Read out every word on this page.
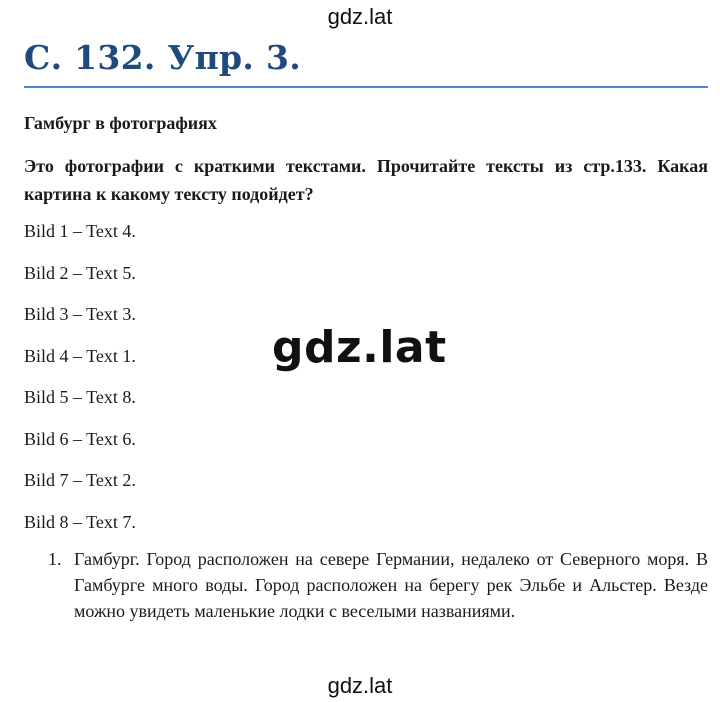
gdz.lat
С. 132. Упр. 3.
Гамбург в фотографиях
Это фотографии с краткими текстами. Прочитайте тексты из стр.133. Какая картина к какому тексту подойдет?
Bild 1 – Text 4.
Bild 2 – Text 5.
Bild 3 – Text 3.
Bild 4 – Text 1.
Bild 5 – Text 8.
Bild 6 – Text 6.
Bild 7 – Text 2.
Bild 8 – Text 7.
gdz.lat
1. Гамбург. Город расположен на севере Германии, недалеко от Северного моря. В Гамбурге много воды. Город расположен на берегу рек Эльбе и Альстер. Везде можно увидеть маленькие лодки с веселыми названиями.
gdz.lat
